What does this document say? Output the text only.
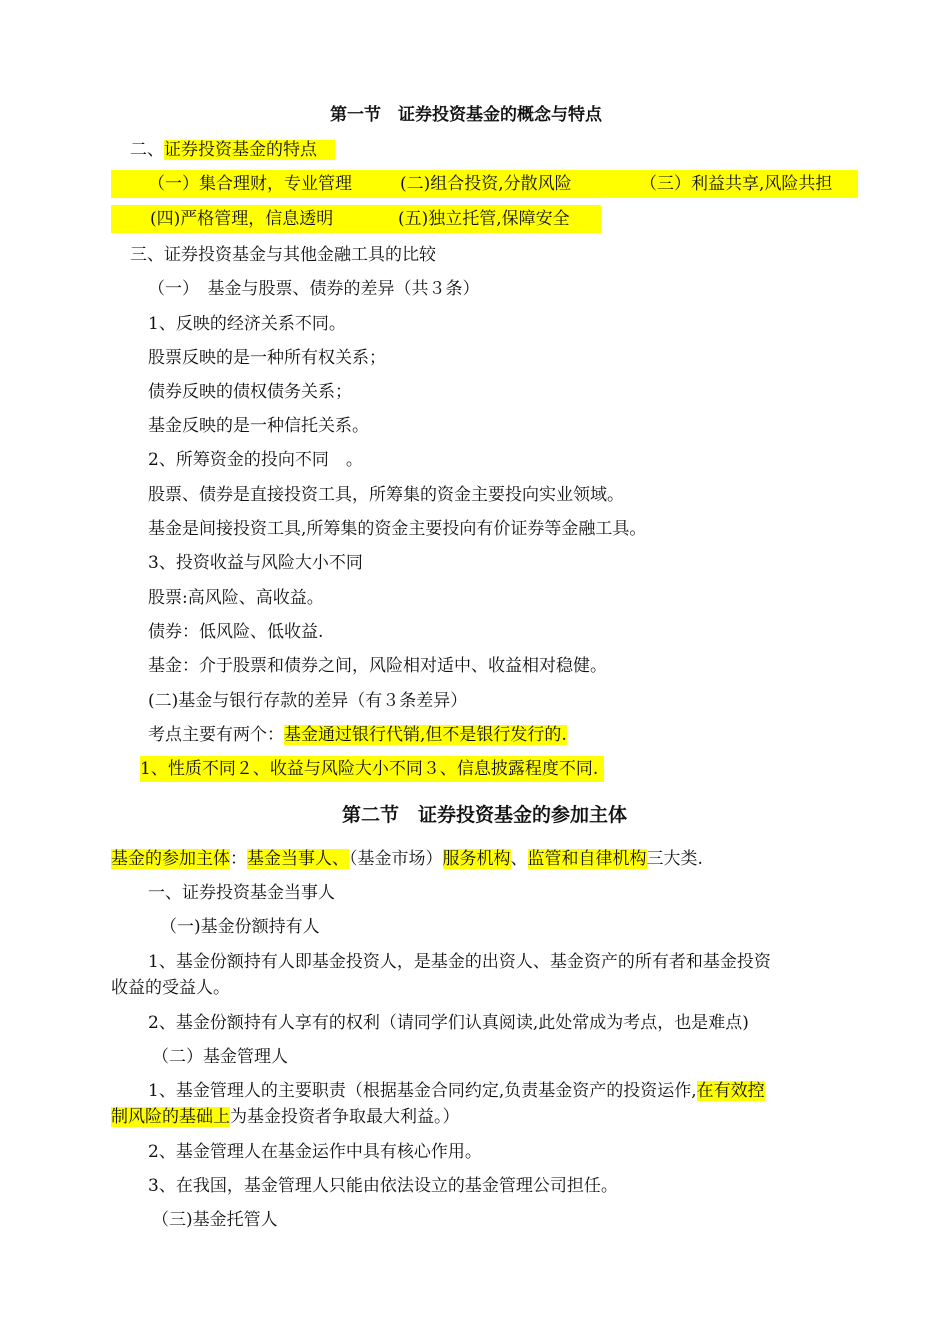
第一节　证券投资基金的概念与特点
二、证券投资基金的特点
（一）集合理财，专业管理	(二)组合投资,分散风险	（三）利益共享,风险共担
(四)严格管理，信息透明	(五)独立托管,保障安全
三、证券投资基金与其他金融工具的比较
（一）　基金与股票、债券的差异（共３条）
1、反映的经济关系不同。
股票反映的是一种所有权关系；
债券反映的债权债务关系；
基金反映的是一种信托关系。
2、所筹资金的投向不同　。
股票、债券是直接投资工具，所筹集的资金主要投向实业领域。
基金是间接投资工具,所筹集的资金主要投向有价证券等金融工具。
3、投资收益与风险大小不同
股票:高风险、高收益。
债券：低风险、低收益.
基金：介于股票和债券之间，风险相对适中、收益相对稳健。
(二)基金与银行存款的差异（有３条差异）
考点主要有两个：基金通过银行代销,但不是银行发行的.
1、性质不同２、收益与风险大小不同３、信息披露程度不同.
第二节　证券投资基金的参加主体
基金的参加主体：基金当事人、（基金市场）服务机构、监管和自律机构三大类.
一、证券投资基金当事人
（一)基金份额持有人
1、基金份额持有人即基金投资人，是基金的出资人、基金资产的所有者和基金投资
收益的受益人。
2、基金份额持有人享有的权利（请同学们认真阅读,此处常成为考点，也是难点)
（二）基金管理人
1、基金管理人的主要职责（根据基金合同约定,负责基金资产的投资运作,在有效控
制风险的基础上为基金投资者争取最大利益。）
2、基金管理人在基金运作中具有核心作用。
3、在我国，基金管理人只能由依法设立的基金管理公司担任。
（三)基金托管人
